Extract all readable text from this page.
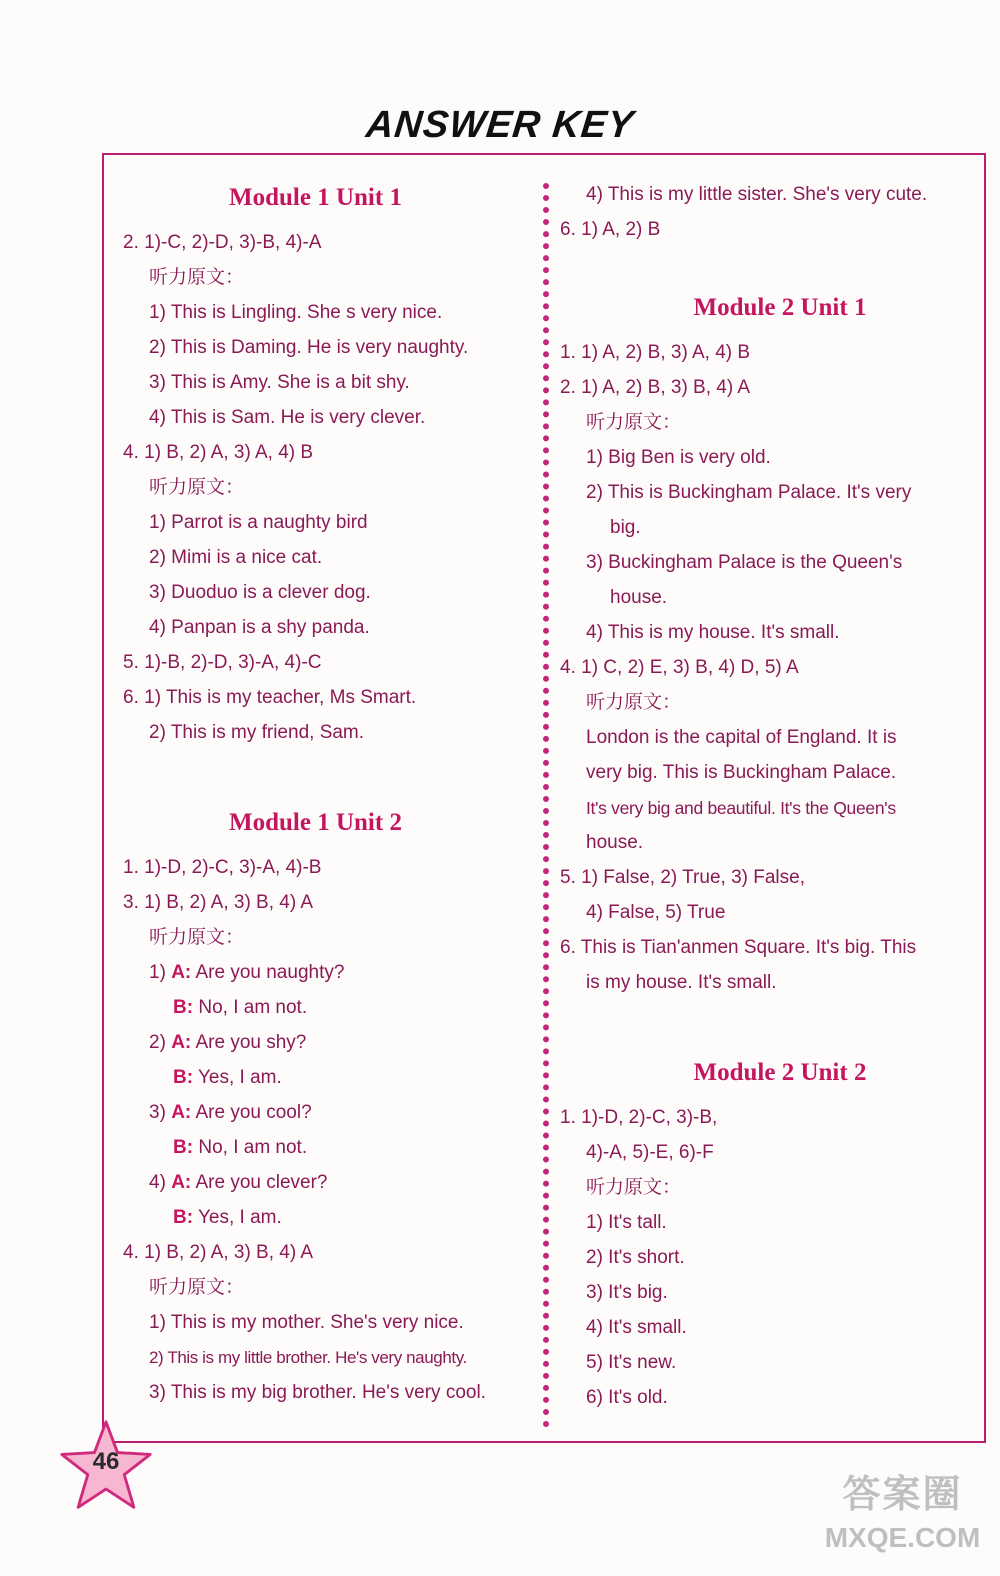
ANSWER KEY
Module 1 Unit 1
2. 1)-C, 2)-D, 3)-B, 4)-A
听力原文：
1) This is Lingling. She s very nice.
2) This is Daming. He is very naughty.
3) This is Amy. She is a bit shy.
4) This is Sam. He is very clever.
4. 1) B, 2) A, 3) A, 4) B
听力原文：
1) Parrot is a naughty bird
2) Mimi is a nice cat.
3) Duoduo is a clever dog.
4) Panpan is a shy panda.
5. 1)-B, 2)-D, 3)-A, 4)-C
6. 1) This is my teacher, Ms Smart.
2) This is my friend, Sam.
Module 1 Unit 2
1. 1)-D, 2)-C, 3)-A, 4)-B
3. 1) B, 2) A, 3) B, 4) A
听力原文：
1) A: Are you naughty?
B: No, I am not.
2) A: Are you shy?
B: Yes, I am.
3) A: Are you cool?
B: No, I am not.
4) A: Are you clever?
B: Yes, I am.
4. 1) B, 2) A, 3) B, 4) A
听力原文：
1) This is my mother. She's very nice.
2) This is my little brother. He's very naughty.
3) This is my big brother. He's very cool.
4) This is my little sister. She's very cute.
6. 1) A, 2) B
Module 2 Unit 1
1. 1) A, 2) B, 3) A, 4) B
2. 1) A, 2) B, 3) B, 4) A
听力原文：
1) Big Ben is very old.
2) This is Buckingham Palace. It's very
big.
3) Buckingham Palace is the Queen's
house.
4) This is my house. It's small.
4. 1) C, 2) E, 3) B, 4) D, 5) A
听力原文：
London is the capital of England. It is
very big. This is Buckingham Palace.
It's very big and beautiful. It's the Queen's
house.
5. 1) False, 2) True, 3) False,
4) False, 5) True
6. This is Tian'anmen Square. It's big. This
is my house. It's small.
Module 2 Unit 2
1. 1)-D, 2)-C, 3)-B,
4)-A, 5)-E, 6)-F
听力原文：
1) It's tall.
2) It's short.
3) It's big.
4) It's small.
5) It's new.
6) It's old.
46
答案圈
MXQE.COM
